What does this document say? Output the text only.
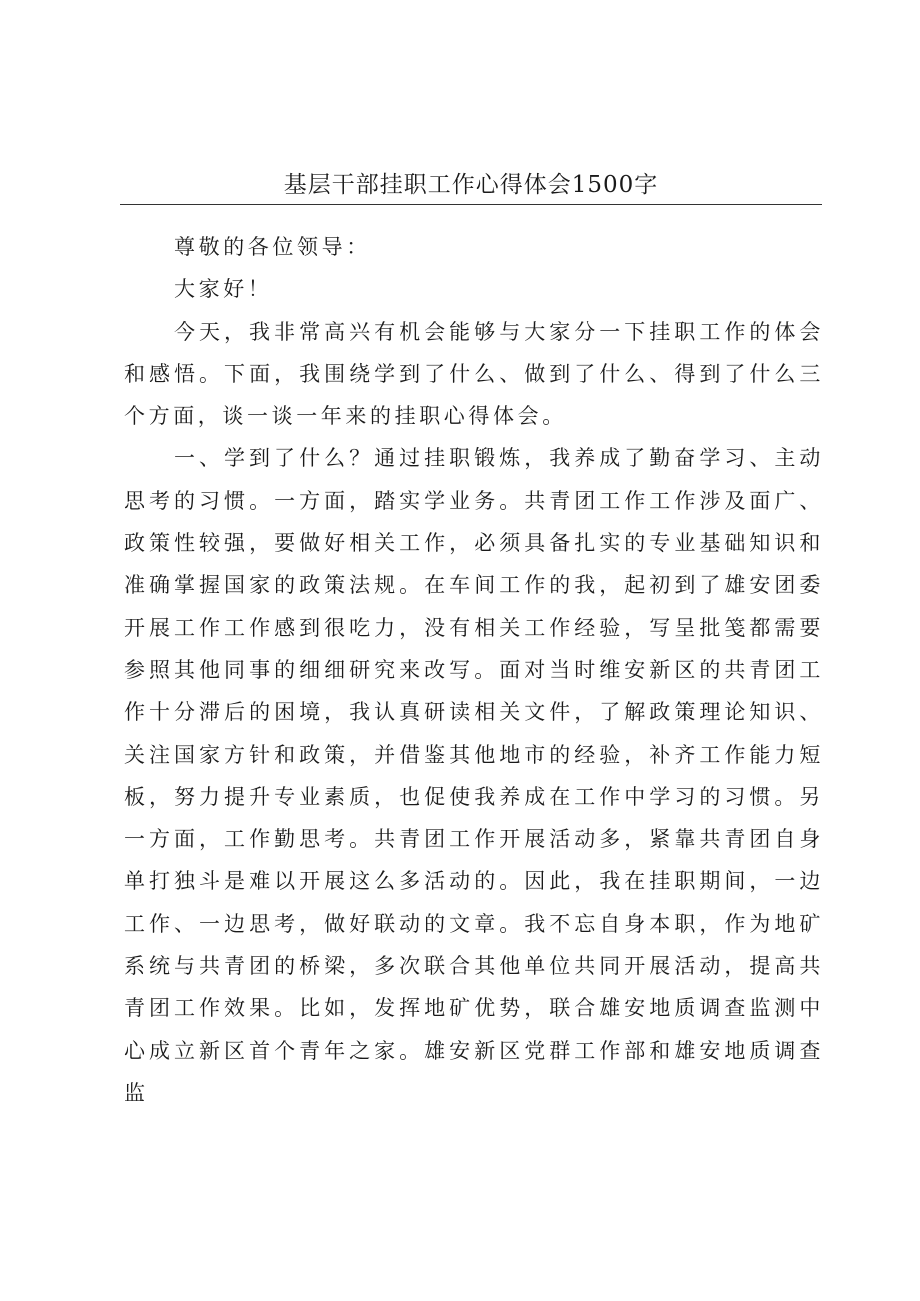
基层干部挂职工作心得体会1500字

尊敬的各位领导：

大家好！

今天，我非常高兴有机会能够与大家分一下挂职工作的体会和感悟。下面，我围绕学到了什么、做到了什么、得到了什么三个方面，谈一谈一年来的挂职心得体会。

一、学到了什么？通过挂职锻炼，我养成了勤奋学习、主动思考的习惯。一方面，踏实学业务。共青团工作工作涉及面广、政策性较强，要做好相关工作，必须具备扎实的专业基础知识和准确掌握国家的政策法规。在车间工作的我，起初到了雄安团委开展工作工作感到很吃力，没有相关工作经验，写呈批笺都需要参照其他同事的细细研究来改写。面对当时维安新区的共青团工作十分滞后的困境，我认真研读相关文件，了解政策理论知识、关注国家方针和政策，并借鉴其他地市的经验，补齐工作能力短板，努力提升专业素质，也促使我养成在工作中学习的习惯。另一方面，工作勤思考。共青团工作开展活动多，紧靠共青团自身单打独斗是难以开展这么多活动的。因此，我在挂职期间，一边工作、一边思考，做好联动的文章。我不忘自身本职，作为地矿系统与共青团的桥梁，多次联合其他单位共同开展活动，提高共青团工作效果。比如，发挥地矿优势，联合雄安地质调查监测中心成立新区首个青年之家。雄安新区党群工作部和雄安地质调查监
